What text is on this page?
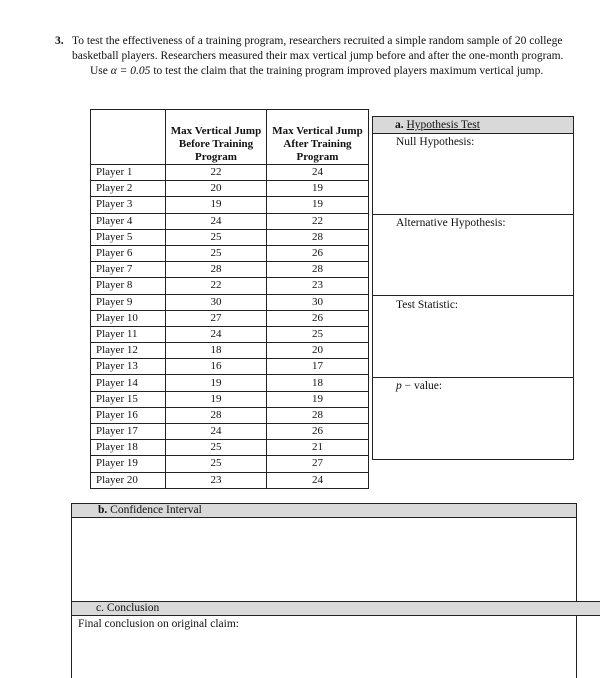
3. To test the effectiveness of a training program, researchers recruited a simple random sample of 20 college basketball players. Researchers measured their max vertical jump before and after the one-month program.
Use α = 0.05 to test the claim that the training program improved players maximum vertical jump.
	Max Vertical Jump Before Training Program	Max Vertical Jump After Training Program
Player 1	22	24
Player 2	20	19
Player 3	19	19
Player 4	24	22
Player 5	25	28
Player 6	25	26
Player 7	28	28
Player 8	22	23
Player 9	30	30
Player 10	27	26
Player 11	24	25
Player 12	18	20
Player 13	16	17
Player 14	19	18
Player 15	19	19
Player 16	28	28
Player 17	24	26
Player 18	25	21
Player 19	25	27
Player 20	23	24
a. Hypothesis Test
Null Hypothesis:
Alternative Hypothesis:
Test Statistic:
p − value:
b. Confidence Interval
c. Conclusion
Final conclusion on original claim:
